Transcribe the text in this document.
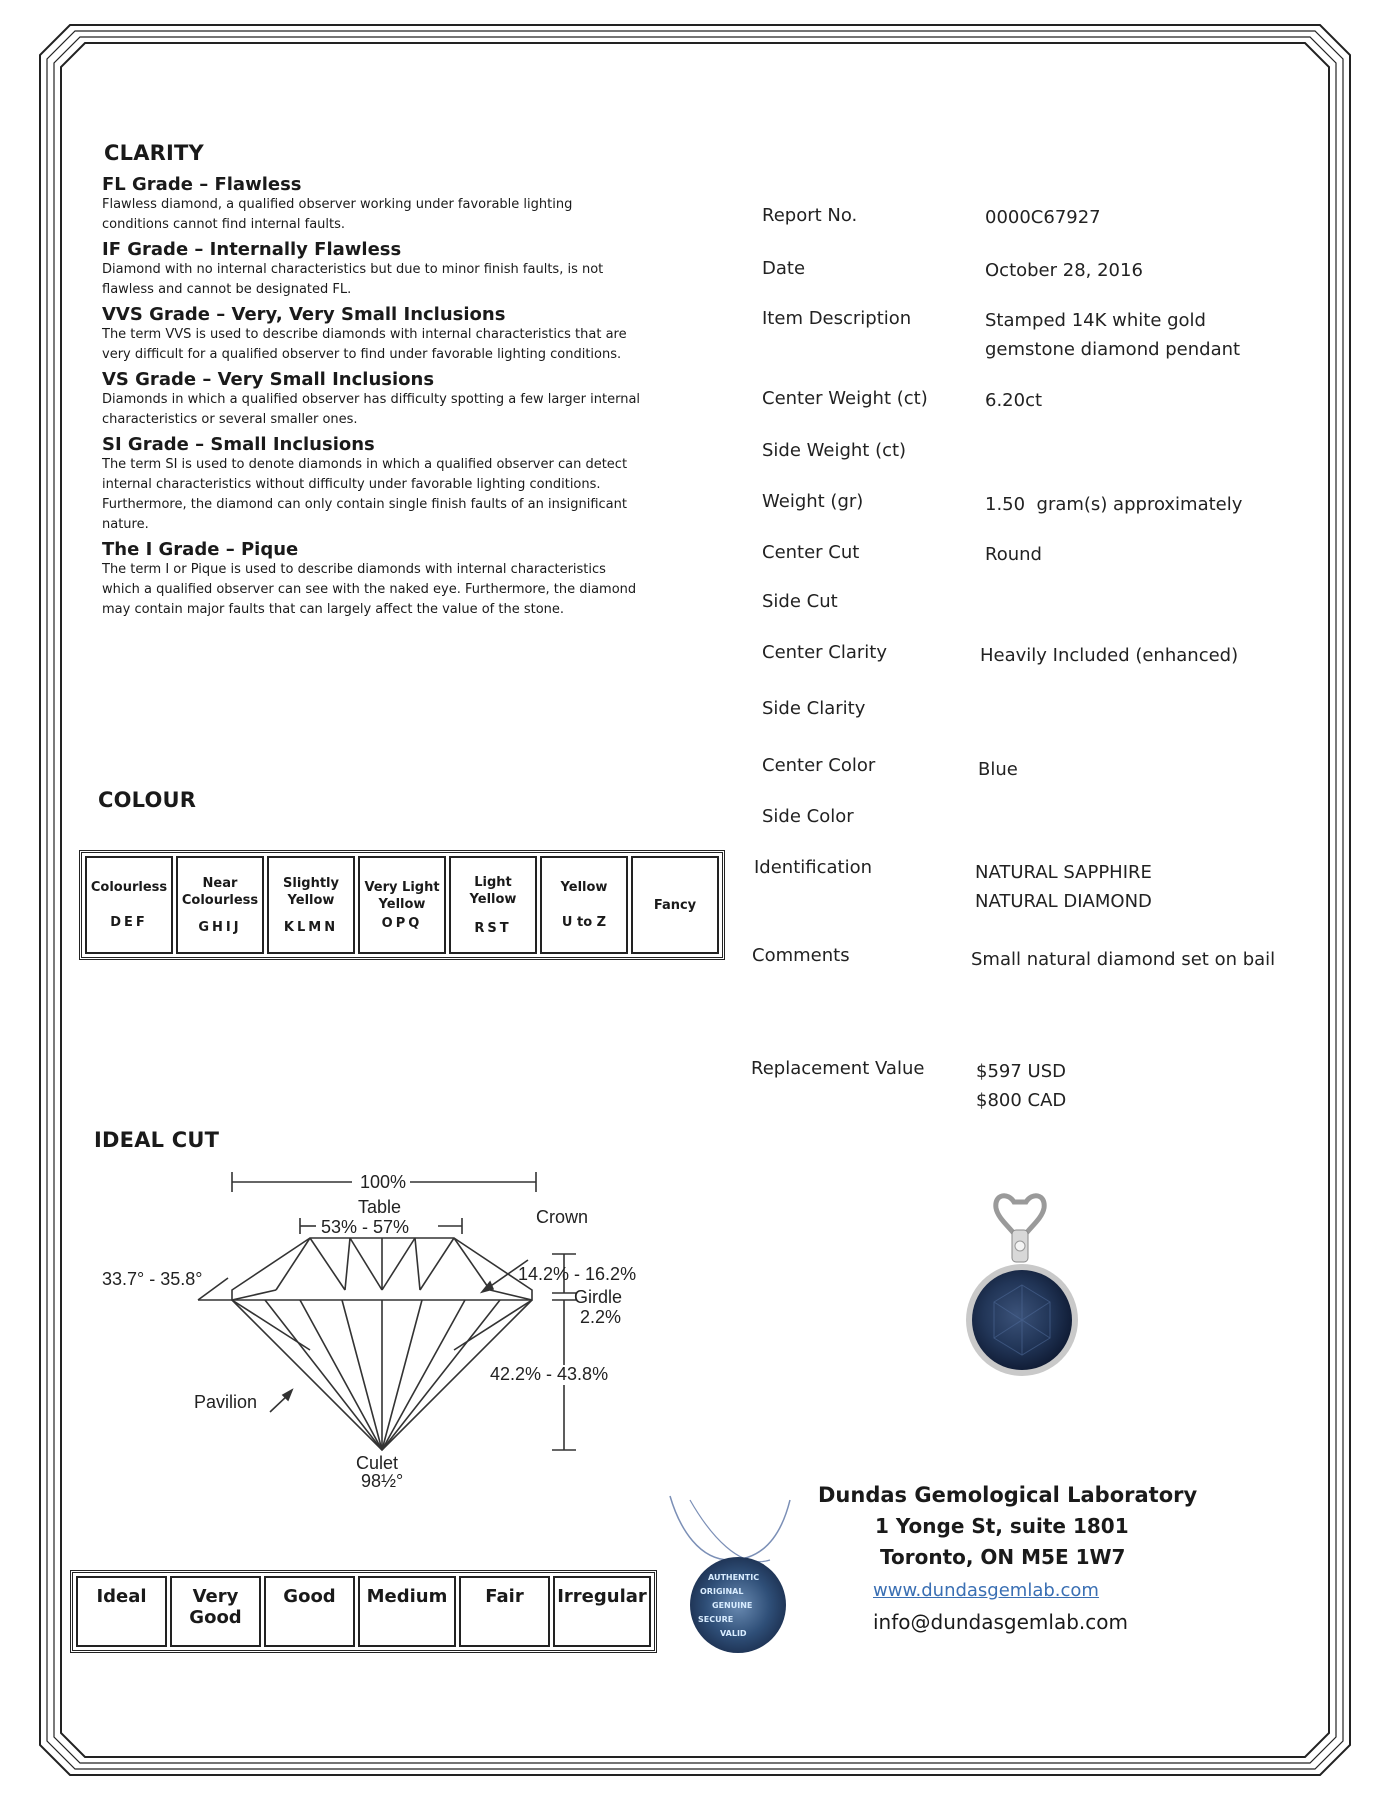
CLARITY
FL Grade – Flawless
Flawless diamond, a qualified observer working under favorable lighting conditions cannot find internal faults.
IF Grade – Internally Flawless
Diamond with no internal characteristics but due to minor finish faults, is not flawless and cannot be designated FL.
VVS Grade – Very, Very Small Inclusions
The term VVS is used to describe diamonds with internal characteristics that are very difficult for a qualified observer to find under favorable lighting conditions.
VS Grade – Very Small Inclusions
Diamonds in which a qualified observer has difficulty spotting a few larger internal characteristics or several smaller ones.
SI Grade – Small Inclusions
The term SI is used to denote diamonds in which a qualified observer can detect internal characteristics without difficulty under favorable lighting conditions. Furthermore, the diamond can only contain single finish faults of an insignificant nature.
The I Grade – Pique
The term I or Pique is used to describe diamonds with internal characteristics which a qualified observer can see with the naked eye. Furthermore, the diamond may contain major faults that can largely affect the value of the stone.
COLOUR
Colourless
DEF

Near Colourless
GHIJ

Slightly Yellow
KLMN

Very Light Yellow
OPQ

Light Yellow
RST

Yellow
U to Z

Fancy
IDEAL CUT
100%
Table
53% - 57%	Crown
33.7° - 35.8°	14.2% - 16.2%
Girdle
2.2%
42.2% - 43.8%
Pavilion
Culet
98½°
Ideal	Very Good	Good	Medium	Fair	Irregular
Report No.	0000C67927
Date	October 28, 2016
Item Description	Stamped 14K white gold
gemstone diamond pendant
Center Weight (ct)	6.20ct
Side Weight (ct)
Weight (gr)	1.50  gram(s) approximately
Center Cut	Round
Side Cut
Center Clarity	Heavily Included (enhanced)
Side Clarity
Center Color	Blue
Side Color
Identification	NATURAL SAPPHIRE
NATURAL DIAMOND
Comments	Small natural diamond set on bail
Replacement Value	$597 USD
$800 CAD
AUTHENTIC
ORIGINAL
GENUINE
SECURE
VALID
Dundas Gemological Laboratory
1 Yonge St, suite 1801
Toronto, ON M5E 1W7
www.dundasgemlab.com
info@dundasgemlab.com
